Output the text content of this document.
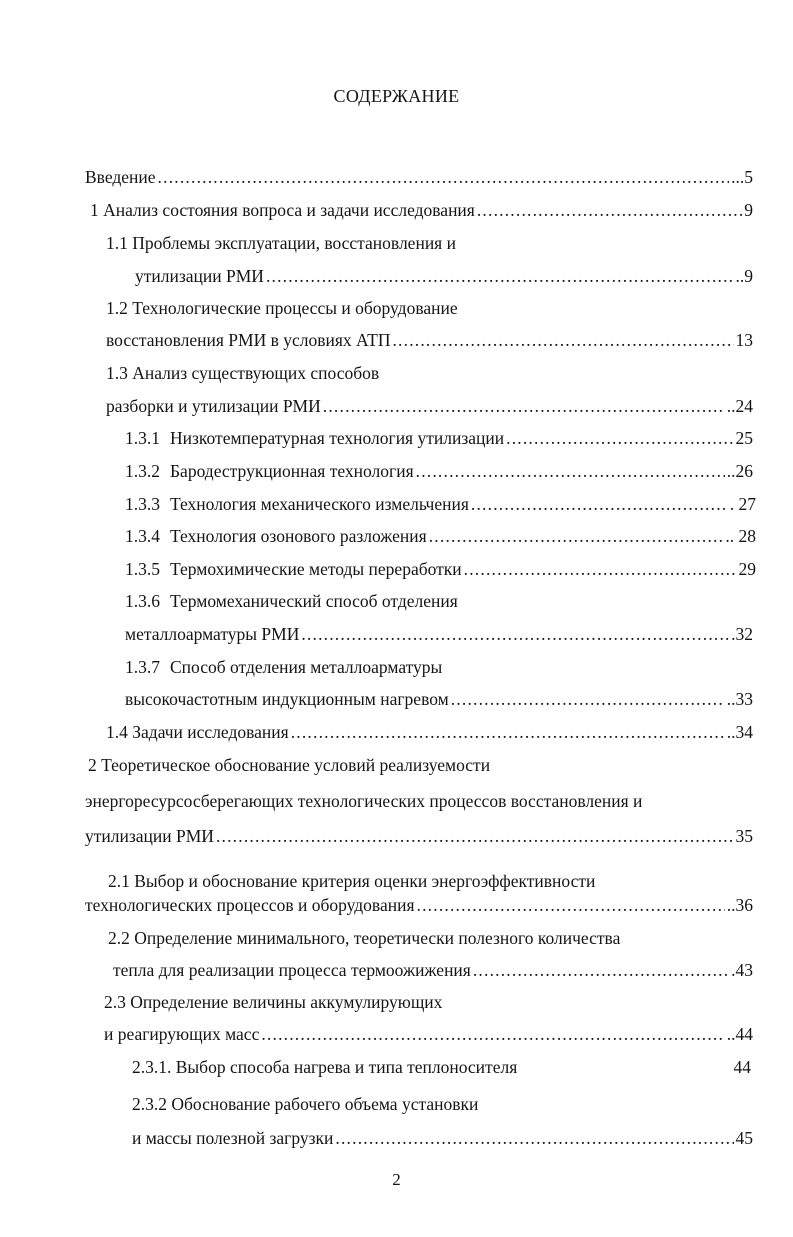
СОДЕРЖАНИЕ
Введение .....	...5
1 Анализ состояния вопроса и задачи исследования .....	9
1.1 Проблемы эксплуатации, восстановления и
утилизации РМИ .....	..9
1.2 Технологические процессы и оборудование
восстановления РМИ в условиях АТП .....	13
1.3 Анализ существующих способов
разборки и утилизации РМИ .....	..24
1.3.1 Низкотемпературная технология утилизации .....	25
1.3.2 Бародеструкционная технология .....	..26
1.3.3 Технология механического измельчения .....	. 27
1.3.4 Технология озонового разложения .....	.. 28
1.3.5 Термохимические методы переработки .....	29
1.3.6 Термомеханический способ отделения
металлоарматуры РМИ .....	.32
1.3.7 Способ отделения металлоарматуры
высокочастотным индукционным нагревом .....	..33
1.4 Задачи исследования .....	..34
2 Теоретическое обоснование условий реализуемости
энергоресурсосберегающих технологических процессов восстановления и
утилизации РМИ .....	35
2.1 Выбор и обоснование критерия оценки энергоэффективности
технологических процессов и оборудования .....	..36
2.2 Определение минимального, теоретически полезного количества
тепла для реализации процесса термоожижения .....	.43
2.3 Определение величины аккумулирующих
и реагирующих масс .....	..44
2.3.1. Выбор способа нагрева и типа теплоносителя	44
2.3.2 Обоснование рабочего объема установки
и массы полезной загрузки .....	45
2
